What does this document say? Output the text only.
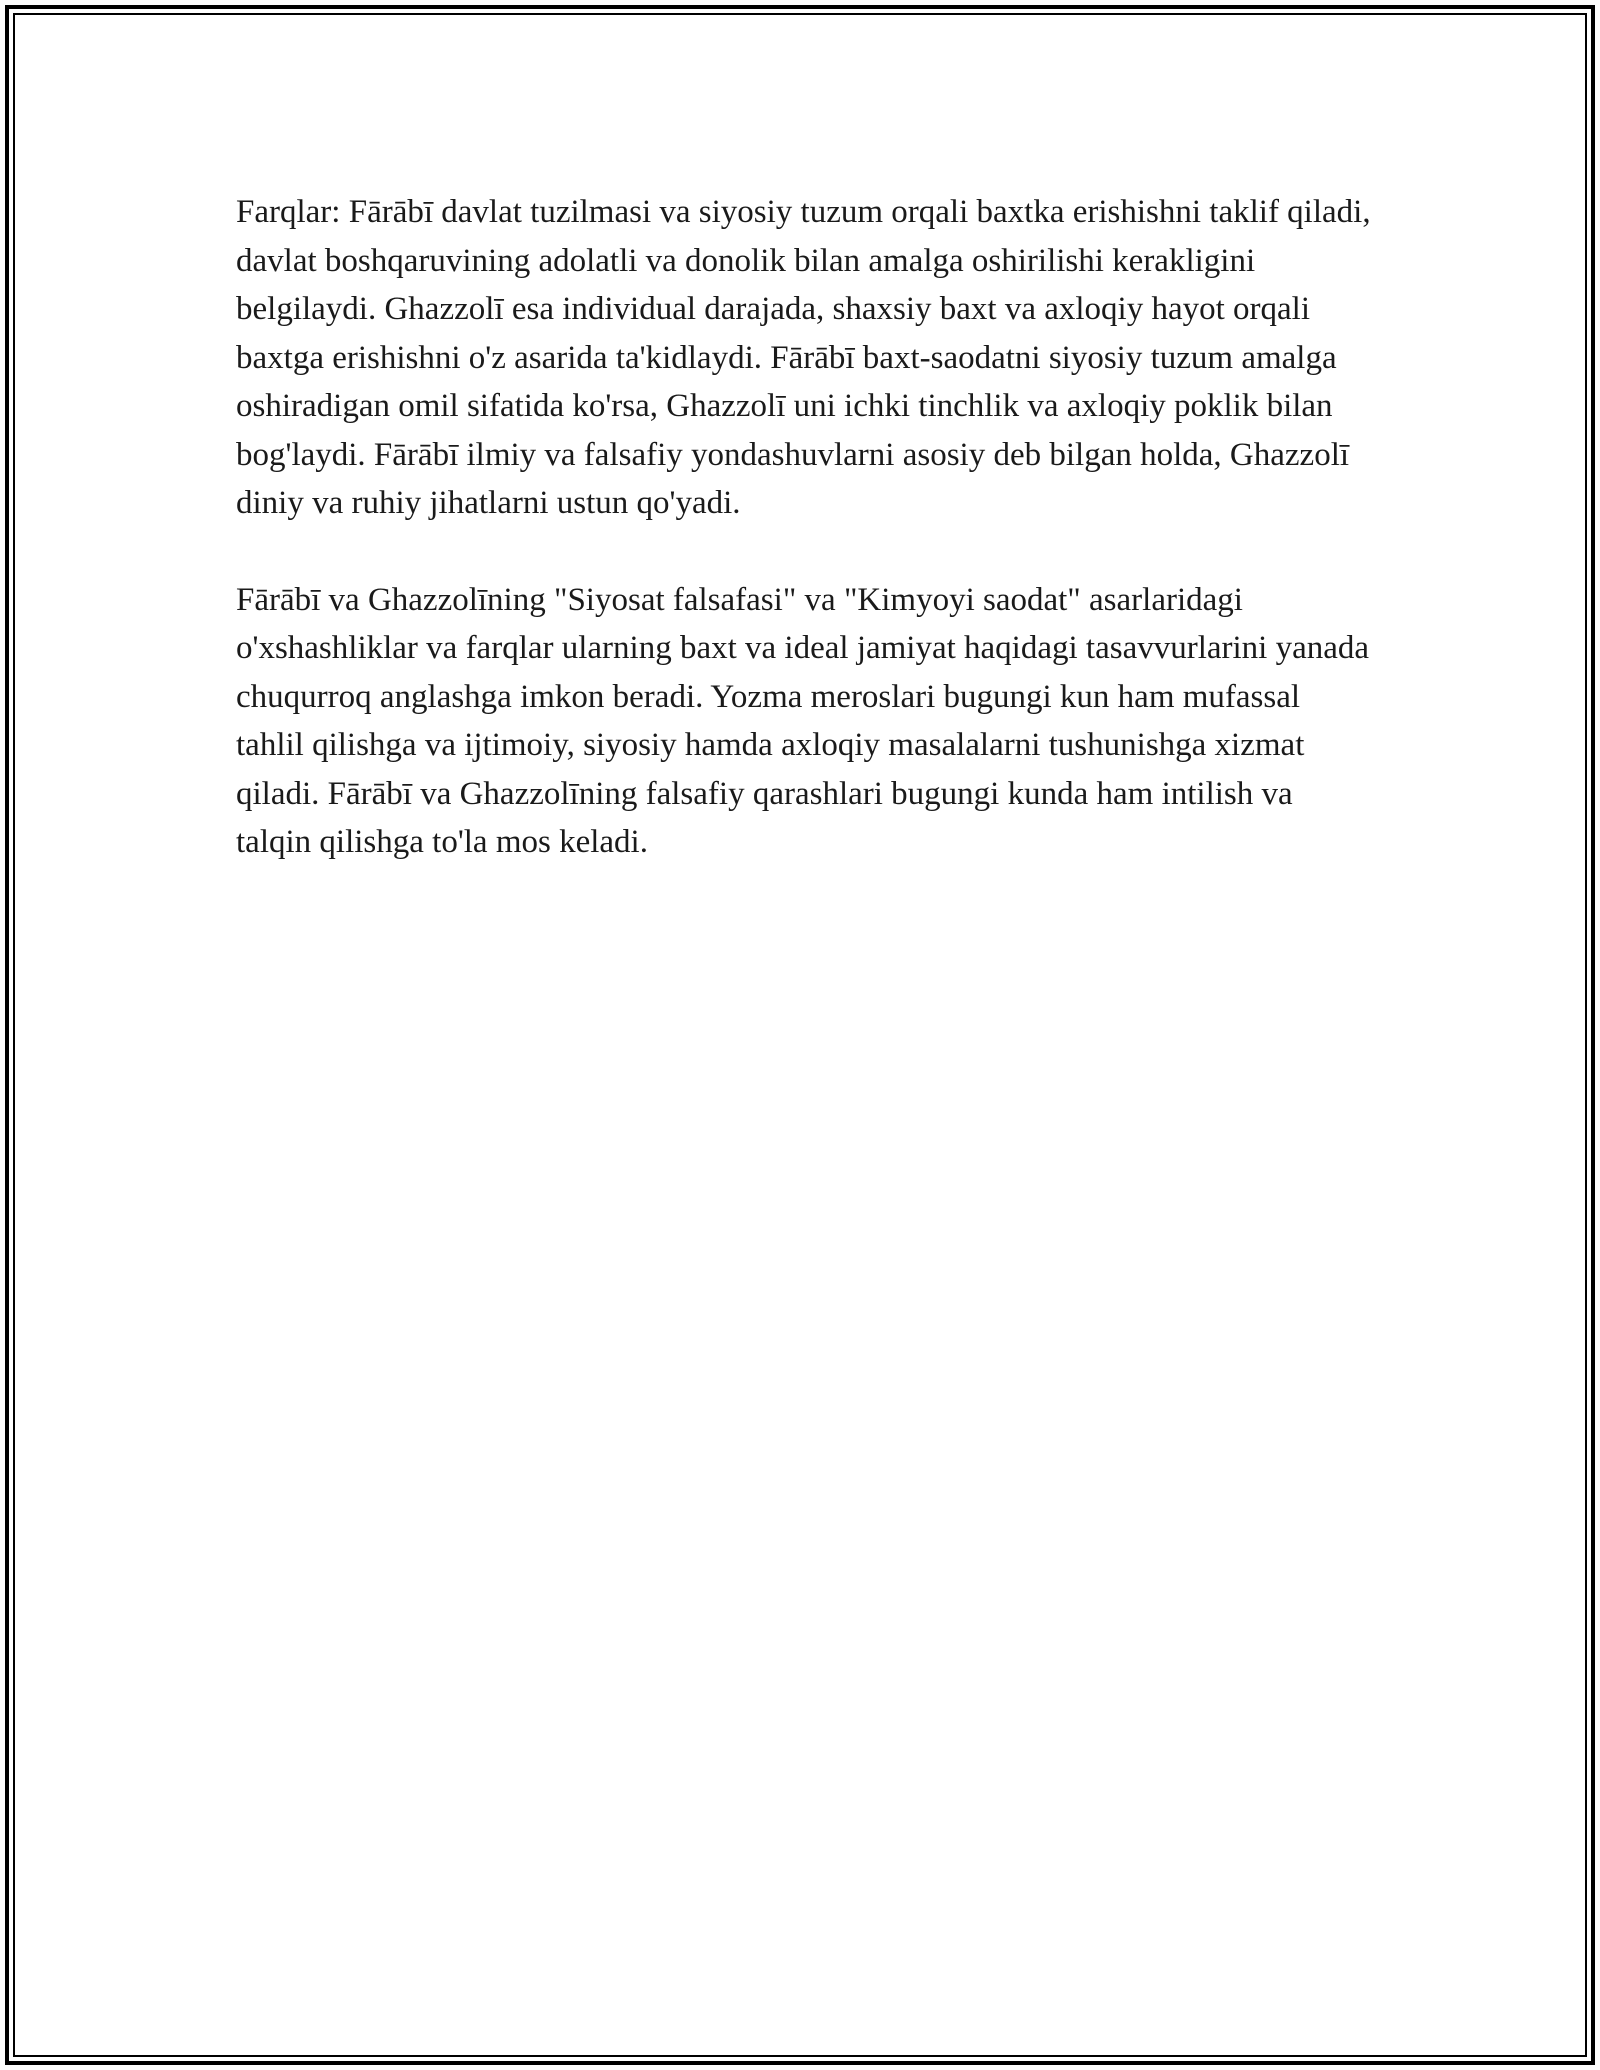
Farqlar: Fārābī davlat tuzilmasi va siyosiy tuzum orqali baxtka erishishni taklif qiladi, davlat boshqaruvining adolatli va donolik bilan amalga oshirilishi kerakligini belgilaydi. Ghazzolī esa individual darajada, shaxsiy baxt va axloqiy hayot orqali baxtga erishishni o'z asarida ta'kidlaydi. Fārābī baxt-saodatni siyosiy tuzum amalga oshiradigan omil sifatida ko'rsa, Ghazzolī uni ichki tinchlik va axloqiy poklik bilan bog'laydi. Fārābī ilmiy va falsafiy yondashuvlarni asosiy deb bilgan holda, Ghazzolī diniy va ruhiy jihatlarni ustun qo'yadi.

Fārābī va Ghazzolīning "Siyosat falsafasi" va "Kimyoyi saodat" asarlaridagi o'xshashliklar va farqlar ularning baxt va ideal jamiyat haqidagi tasavvurlarini yanada chuqurroq anglashga imkon beradi. Yozma meroslari bugungi kun ham mufassal tahlil qilishga va ijtimoiy, siyosiy hamda axloqiy masalalarni tushunishga xizmat qiladi. Fārābī va Ghazzolīning falsafiy qarashlari bugungi kunda ham intilish va talqin qilishga to'la mos keladi.
